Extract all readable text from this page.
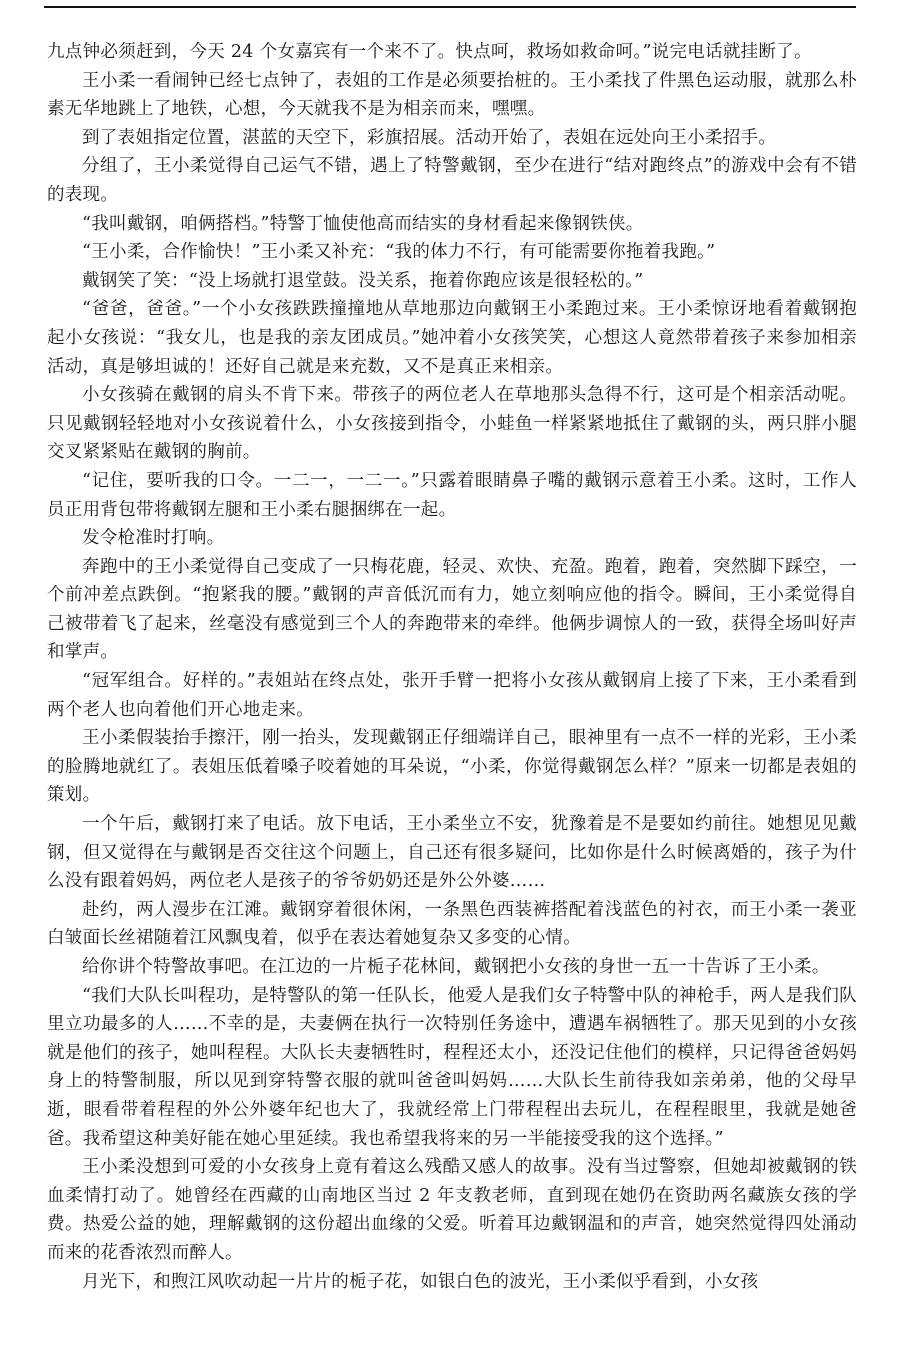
九点钟必须赶到，今天 24 个女嘉宾有一个来不了。快点呵，救场如救命呵。”说完电话就挂断了。

王小柔一看闹钟已经七点钟了，表姐的工作是必须要抬桩的。王小柔找了件黑色运动服，就那么朴素无华地跳上了地铁，心想，今天就我不是为相亲而来，嘿嘿。

到了表姐指定位置，湛蓝的天空下，彩旗招展。活动开始了，表姐在远处向王小柔招手。

分组了，王小柔觉得自己运气不错，遇上了特警戴钢，至少在进行“结对跑终点”的游戏中会有不错的表现。

“我叫戴钢，咱俩搭档。”特警丁恤使他高而结实的身材看起来像钢铁侠。

“王小柔，合作愉快！”王小柔又补充：“我的体力不行，有可能需要你拖着我跑。”

戴钢笑了笑：“没上场就打退堂鼓。没关系，拖着你跑应该是很轻松的。”

“爸爸，爸爸。”一个小女孩跌跌撞撞地从草地那边向戴钢王小柔跑过来。王小柔惊讶地看着戴钢抱起小女孩说：“我女儿，也是我的亲友团成员。”她冲着小女孩笑笑，心想这人竟然带着孩子来参加相亲活动，真是够坦诚的！还好自己就是来充数，又不是真正来相亲。

小女孩骑在戴钢的肩头不肯下来。带孩子的两位老人在草地那头急得不行，这可是个相亲活动呢。只见戴钢轻轻地对小女孩说着什么，小女孩接到指令，小蛙鱼一样紧紧地抵住了戴钢的头，两只胖小腿交叉紧紧贴在戴钢的胸前。

“记住，要听我的口令。一二一，一二一。”只露着眼睛鼻子嘴的戴钢示意着王小柔。这时，工作人员正用背包带将戴钢左腿和王小柔右腿捆绑在一起。

发令枪准时打响。

奔跑中的王小柔觉得自己变成了一只梅花鹿，轻灵、欢快、充盈。跑着，跑着，突然脚下踩空，一个前冲差点跌倒。“抱紧我的腰。”戴钢的声音低沉而有力，她立刻响应他的指令。瞬间，王小柔觉得自己被带着飞了起来，丝毫没有感觉到三个人的奔跑带来的牵绊。他俩步调惊人的一致，获得全场叫好声和掌声。

“冠军组合。好样的。”表姐站在终点处，张开手臂一把将小女孩从戴钢肩上接了下来，王小柔看到两个老人也向着他们开心地走来。

王小柔假装抬手擦汗，刚一抬头，发现戴钢正仔细端详自己，眼神里有一点不一样的光彩，王小柔的脸腾地就红了。表姐压低着嗓子咬着她的耳朵说，“小柔，你觉得戴钢怎么样？”原来一切都是表姐的策划。

一个午后，戴钢打来了电话。放下电话，王小柔坐立不安，犹豫着是不是要如约前往。她想见见戴钢，但又觉得在与戴钢是否交往这个问题上，自己还有很多疑问，比如你是什么时候离婚的，孩子为什么没有跟着妈妈，两位老人是孩子的爷爷奶奶还是外公外婆……

赴约，两人漫步在江滩。戴钢穿着很休闲，一条黑色西装裤搭配着浅蓝色的衬衣，而王小柔一袭亚白皱面长丝裙随着江风飘曳着，似乎在表达着她复杂又多变的心情。

给你讲个特警故事吧。在江边的一片栀子花林间，戴钢把小女孩的身世一五一十告诉了王小柔。

“我们大队长叫程功，是特警队的第一任队长，他爱人是我们女子特警中队的神枪手，两人是我们队里立功最多的人……不幸的是，夫妻俩在执行一次特别任务途中，遭遇车祸牺牲了。那天见到的小女孩就是他们的孩子，她叫程程。大队长夫妻牺牲时，程程还太小，还没记住他们的模样，只记得爸爸妈妈身上的特警制服，所以见到穿特警衣服的就叫爸爸叫妈妈……大队长生前待我如亲弟弟，他的父母早逝，眼看带着程程的外公外婆年纪也大了，我就经常上门带程程出去玩儿，在程程眼里，我就是她爸爸。我希望这种美好能在她心里延续。我也希望我将来的另一半能接受我的这个选择。”

王小柔没想到可爱的小女孩身上竟有着这么残酷又感人的故事。没有当过警察，但她却被戴钢的铁血柔情打动了。她曾经在西藏的山南地区当过 2 年支教老师，直到现在她仍在资助两名藏族女孩的学费。热爱公益的她，理解戴钢的这份超出血缘的父爱。听着耳边戴钢温和的声音，她突然觉得四处涌动而来的花香浓烈而醉人。

月光下，和煦江风吹动起一片片的栀子花，如银白色的波光，王小柔似乎看到，小女孩
